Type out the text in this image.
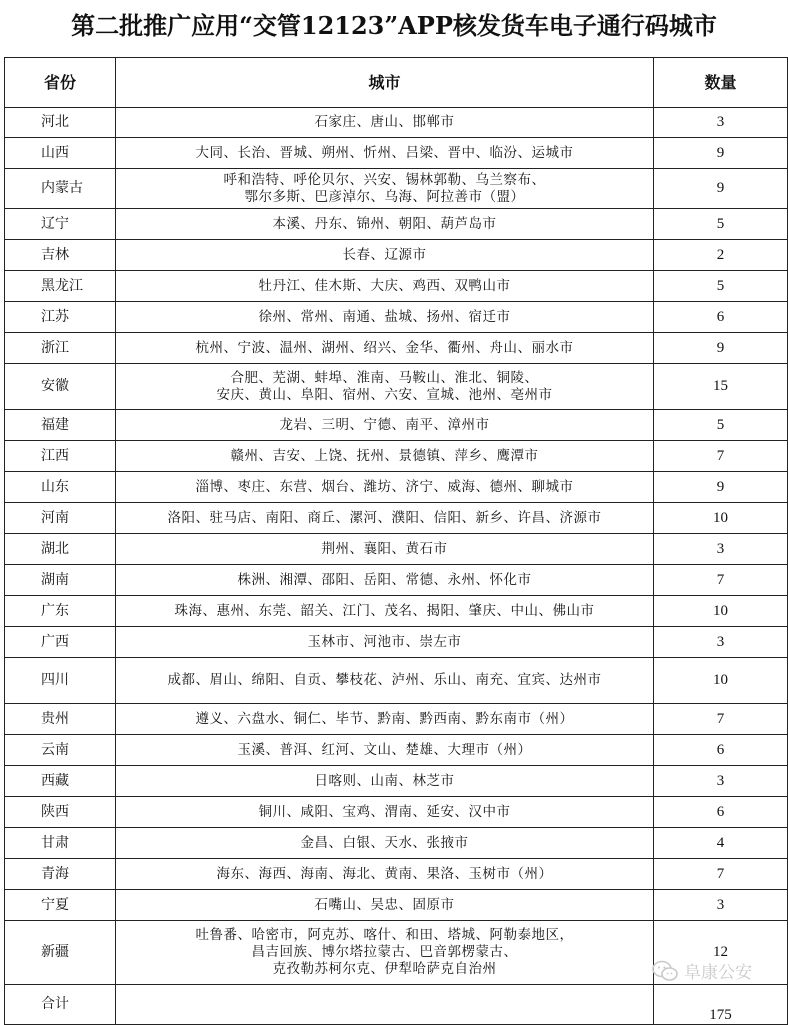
第二批推广应用“交管12123”APP核发货车电子通行码城市
省份	城市	数量
河北	石家庄、唐山、邯郸市	3
山西	大同、长治、晋城、朔州、忻州、吕梁、晋中、临汾、运城市	9
内蒙古	呼和浩特、呼伦贝尔、兴安、锡林郭勒、乌兰察布、
鄂尔多斯、巴彦淖尔、乌海、阿拉善市（盟）	9
辽宁	本溪、丹东、锦州、朝阳、葫芦岛市	5
吉林	长春、辽源市	2
黑龙江	牡丹江、佳木斯、大庆、鸡西、双鸭山市	5
江苏	徐州、常州、南通、盐城、扬州、宿迁市	6
浙江	杭州、宁波、温州、湖州、绍兴、金华、衢州、舟山、丽水市	9
安徽	合肥、芜湖、蚌埠、淮南、马鞍山、淮北、铜陵、
安庆、黄山、阜阳、宿州、六安、宣城、池州、亳州市	15
福建	龙岩、三明、宁德、南平、漳州市	5
江西	赣州、吉安、上饶、抚州、景德镇、萍乡、鹰潭市	7
山东	淄博、枣庄、东营、烟台、潍坊、济宁、威海、德州、聊城市	9
河南	洛阳、驻马店、南阳、商丘、漯河、濮阳、信阳、新乡、许昌、济源市	10
湖北	荆州、襄阳、黄石市	3
湖南	株洲、湘潭、邵阳、岳阳、常德、永州、怀化市	7
广东	珠海、惠州、东莞、韶关、江门、茂名、揭阳、肇庆、中山、佛山市	10
广西	玉林市、河池市、崇左市	3
四川	成都、眉山、绵阳、自贡、攀枝花、泸州、乐山、南充、宜宾、达州市	10
贵州	遵义、六盘水、铜仁、毕节、黔南、黔西南、黔东南市（州）	7
云南	玉溪、普洱、红河、文山、楚雄、大理市（州）	6
西藏	日喀则、山南、林芝市	3
陕西	铜川、咸阳、宝鸡、渭南、延安、汉中市	6
甘肃	金昌、白银、天水、张掖市	4
青海	海东、海西、海南、海北、黄南、果洛、玉树市（州）	7
宁夏	石嘴山、吴忠、固原市	3
新疆	吐鲁番、哈密市，阿克苏、喀什、和田、塔城、阿勒泰地区，
昌吉回族、博尔塔拉蒙古、巴音郭楞蒙古、
克孜勒苏柯尔克、伊犁哈萨克自治州	12
合计		175
阜康公安
